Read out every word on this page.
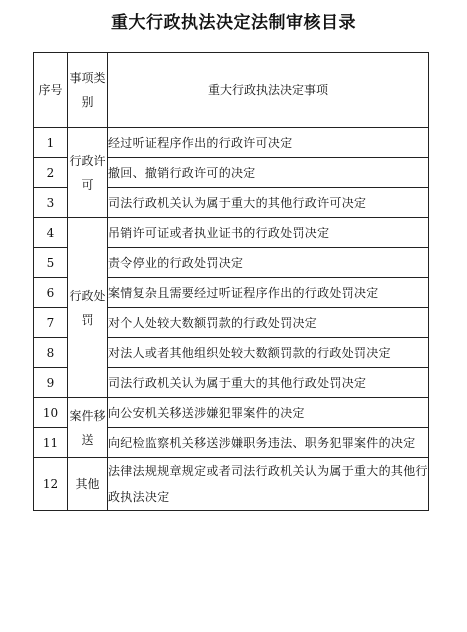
重大行政执法决定法制审核目录
序号	事项类别	重大行政执法决定事项
1	行政许可	经过听证程序作出的行政许可决定
2		撤回、撤销行政许可的决定
3		司法行政机关认为属于重大的其他行政许可决定
4	行政处罚	吊销许可证或者执业证书的行政处罚决定
5		责令停业的行政处罚决定
6		案情复杂且需要经过听证程序作出的行政处罚决定
7		对个人处较大数额罚款的行政处罚决定
8		对法人或者其他组织处较大数额罚款的行政处罚决定
9		司法行政机关认为属于重大的其他行政处罚决定
10	案件移送	向公安机关移送涉嫌犯罪案件的决定
11		向纪检监察机关移送涉嫌职务违法、职务犯罪案件的决定
12	其他	法律法规规章规定或者司法行政机关认为属于重大的其他行政执法决定
